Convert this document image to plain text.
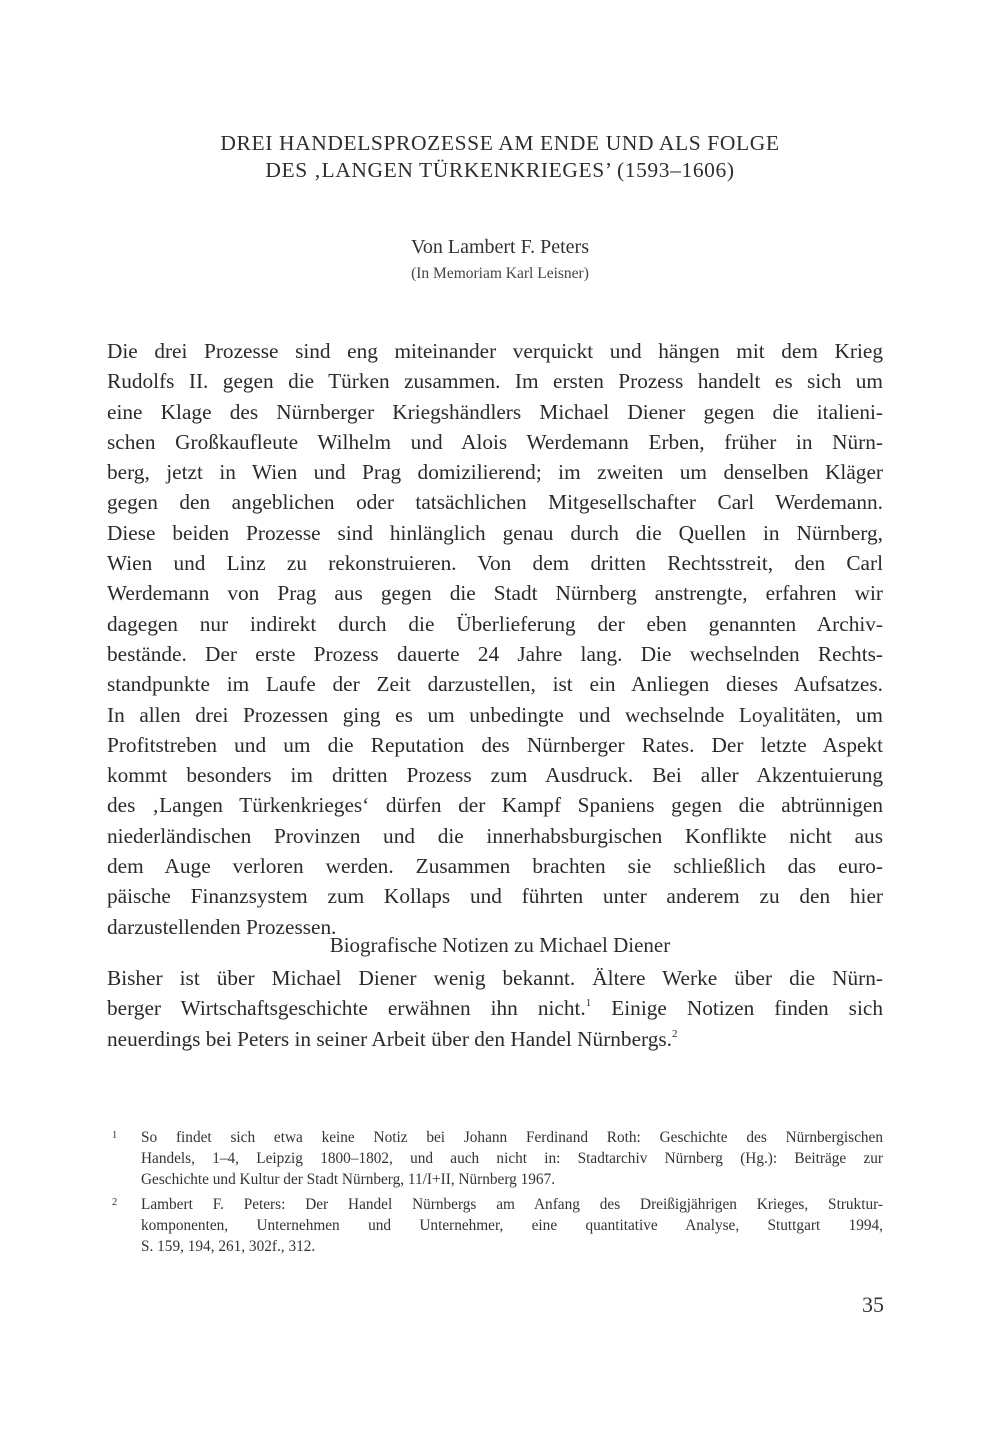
DREI HANDELSPROZESSE AM ENDE UND ALS FOLGE
DES ‚LANGEN TÜRKENKRIEGES’ (1593–1606)
Von Lambert F. Peters
(In Memoriam Karl Leisner)
Die drei Prozesse sind eng miteinander verquickt und hängen mit dem Krieg
Rudolfs II. gegen die Türken zusammen. Im ersten Prozess handelt es sich um
eine Klage des Nürnberger Kriegshändlers Michael Diener gegen die italieni-
schen Großkaufleute Wilhelm und Alois Werdemann Erben, früher in Nürn-
berg, jetzt in Wien und Prag domizilierend; im zweiten um denselben Kläger
gegen den angeblichen oder tatsächlichen Mitgesellschafter Carl Werdemann.
Diese beiden Prozesse sind hinlänglich genau durch die Quellen in Nürnberg,
Wien und Linz zu rekonstruieren. Von dem dritten Rechtsstreit, den Carl
Werdemann von Prag aus gegen die Stadt Nürnberg anstrengte, erfahren wir
dagegen nur indirekt durch die Überlieferung der eben genannten Archiv-
bestände. Der erste Prozess dauerte 24 Jahre lang. Die wechselnden Rechts-
standpunkte im Laufe der Zeit darzustellen, ist ein Anliegen dieses Aufsatzes.
In allen drei Prozessen ging es um unbedingte und wechselnde Loyalitäten, um
Profitstreben und um die Reputation des Nürnberger Rates. Der letzte Aspekt
kommt besonders im dritten Prozess zum Ausdruck. Bei aller Akzentuierung
des ‚Langen Türkenkrieges‘ dürfen der Kampf Spaniens gegen die abtrünnigen
niederländischen Provinzen und die innerhabsburgischen Konflikte nicht aus
dem Auge verloren werden. Zusammen brachten sie schließlich das euro-
päische Finanzsystem zum Kollaps und führten unter anderem zu den hier
darzustellenden Prozessen.
Biografische Notizen zu Michael Diener
Bisher ist über Michael Diener wenig bekannt. Ältere Werke über die Nürn-
berger Wirtschaftsgeschichte erwähnen ihn nicht.$^1$ Einige Notizen finden sich
neuerdings bei Peters in seiner Arbeit über den Handel Nürnbergs.$^2$
1 So findet sich etwa keine Notiz bei Johann Ferdinand Roth: Geschichte des Nürnbergischen
Handels, 1–4, Leipzig 1800–1802, und auch nicht in: Stadtarchiv Nürnberg (Hg.): Beiträge zur
Geschichte und Kultur der Stadt Nürnberg, 11/I+II, Nürnberg 1967.
2 Lambert F. Peters: Der Handel Nürnbergs am Anfang des Dreißigjährigen Krieges, Struktur-
komponenten, Unternehmen und Unternehmer, eine quantitative Analyse, Stuttgart 1994,
S. 159, 194, 261, 302f., 312.
35
